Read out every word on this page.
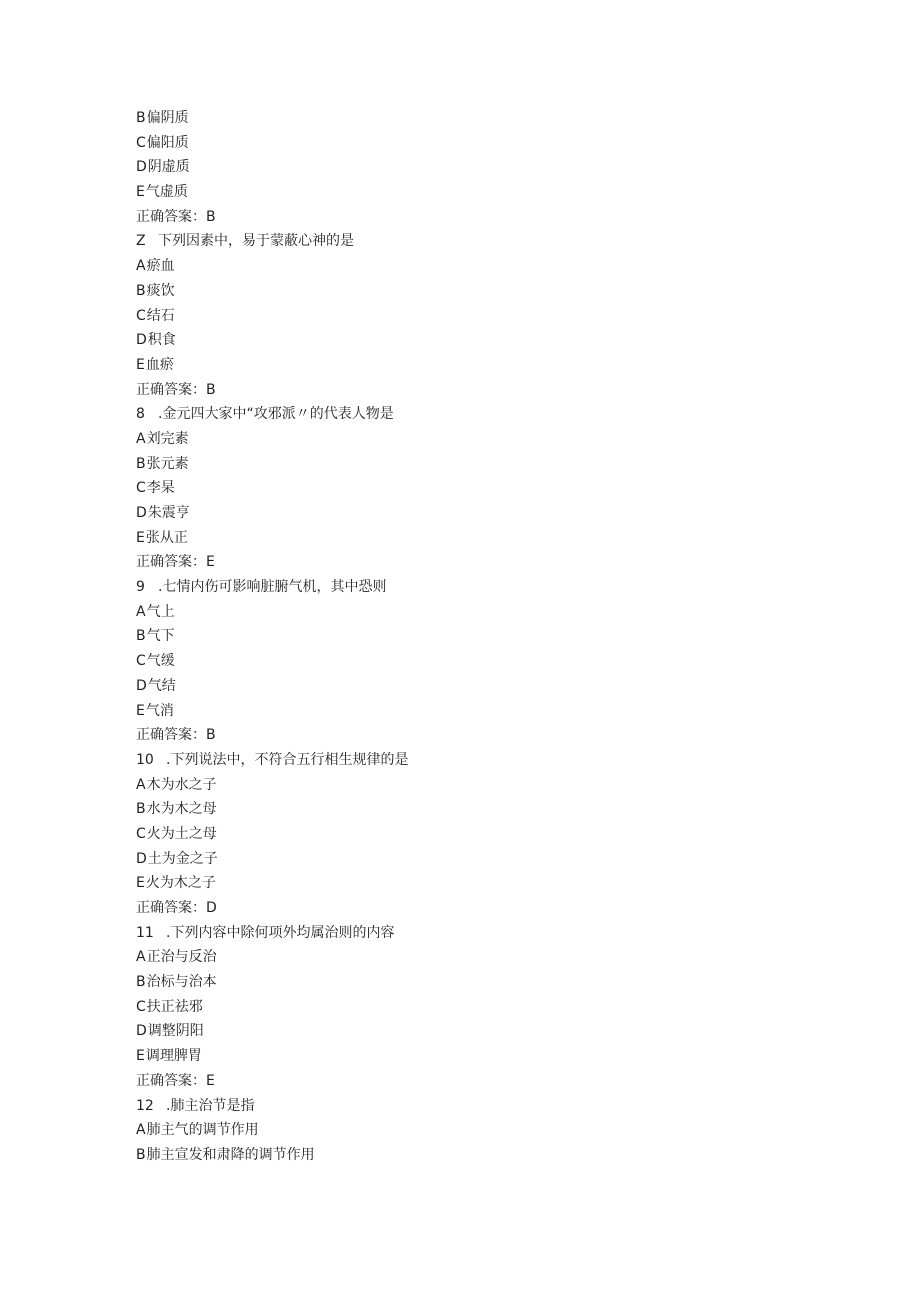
B偏阴质
C偏阳质
D阴虚质
E气虚质
正确答案：B
Z 下列因素中，易于蒙蔽心神的是
A瘀血
B痰饮
C结石
D积食
E血瘀
正确答案：B
8 .金元四大家中“攻邪派〃的代表人物是
A刘完素
B张元素
C李杲
D朱震亨
E张从正
正确答案：E
9 .七情内伤可影响脏腑气机，其中恐则
A气上
B气下
C气缓
D气结
E气消
正确答案：B
10 .下列说法中，不符合五行相生规律的是
A木为水之子
B水为木之母
C火为土之母
D土为金之子
E火为木之子
正确答案：D
11 .下列内容中除何项外均属治则的内容
A正治与反治
B治标与治本
C扶正祛邪
D调整阴阳
E调理脾胃
正确答案：E
12 .肺主治节是指
A肺主气的调节作用
B肺主宣发和肃降的调节作用
